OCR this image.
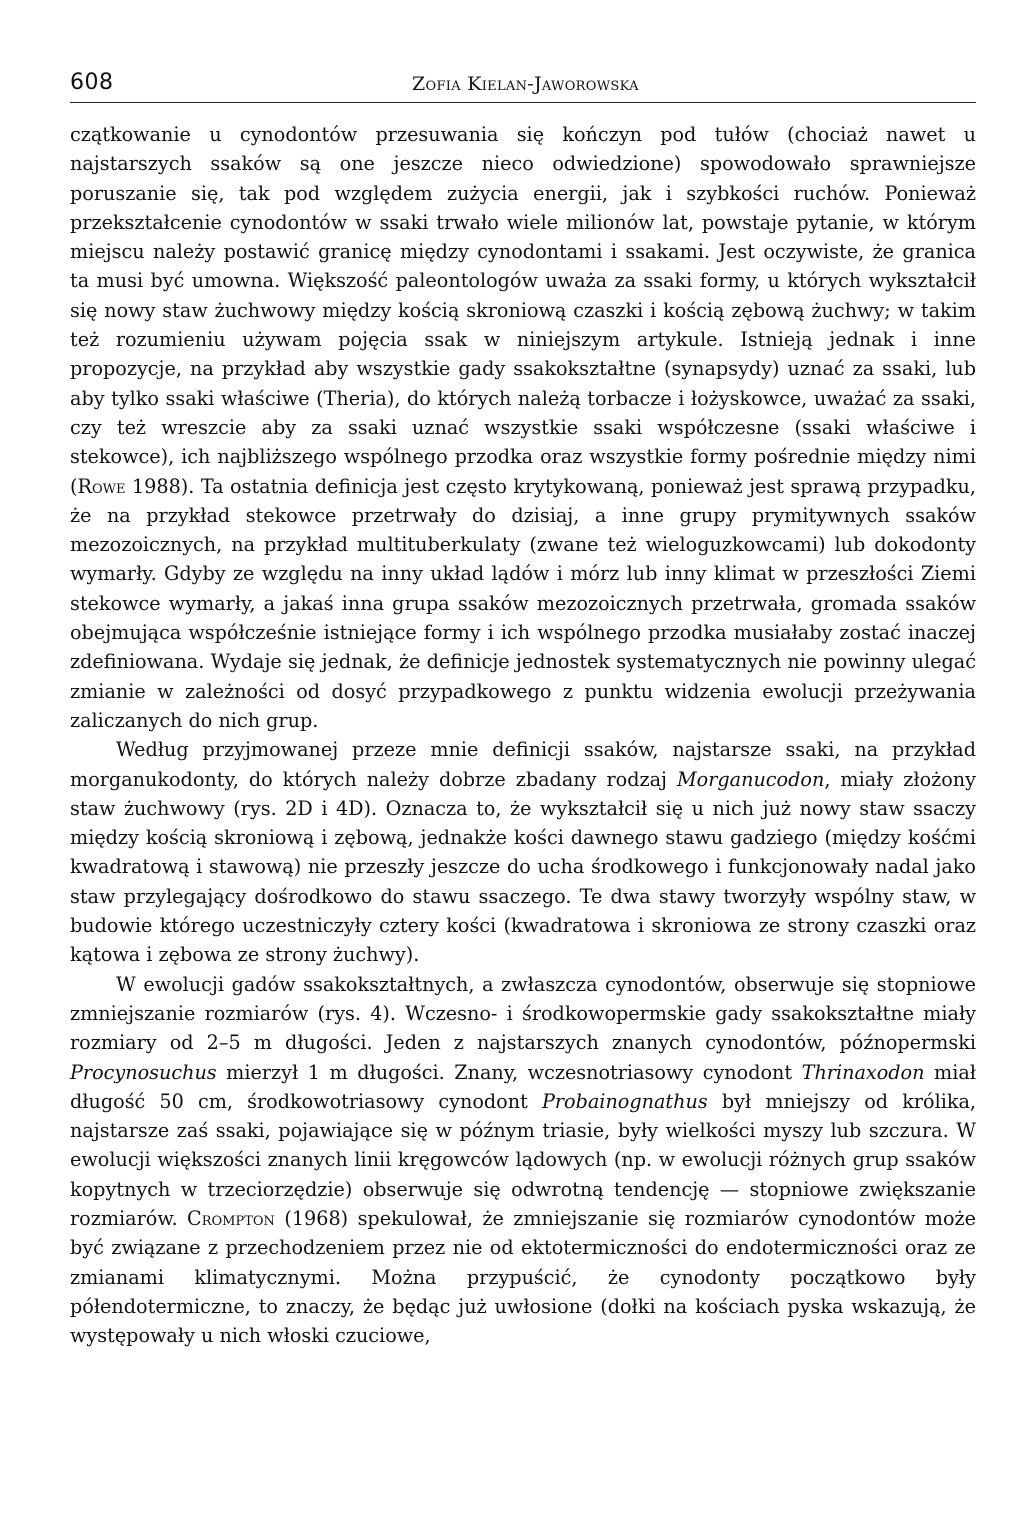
608	Zofia Kielan-Jaworowska

czątkowanie u cynodontów przesuwania się kończyn pod tułów (chociaż nawet u najstarszych ssaków są one jeszcze nieco odwiedzione) spowodowało sprawniejsze poruszanie się, tak pod względem zużycia energii, jak i szybkości ruchów. Ponieważ przekształcenie cynodontów w ssaki trwało wiele milionów lat, powstaje pytanie, w którym miejscu należy postawić granicę między cynodontami i ssakami. Jest oczywiste, że granica ta musi być umowna. Większość paleontologów uważa za ssaki formy, u których wykształcił się nowy staw żuchwowy między kością skroniową czaszki i kością zębową żuchwy; w takim też rozumieniu używam pojęcia ssak w niniejszym artykule. Istnieją jednak i inne propozycje, na przykład aby wszystkie gady ssakokształtne (synapsydy) uznać za ssaki, lub aby tylko ssaki właściwe (Theria), do których należą torbacze i łożyskowce, uważać za ssaki, czy też wreszcie aby za ssaki uznać wszystkie ssaki współczesne (ssaki właściwe i stekowce), ich najbliższego wspólnego przodka oraz wszystkie formy pośrednie między nimi (Rowe 1988). Ta ostatnia definicja jest często krytykowaną, ponieważ jest sprawą przypadku, że na przykład stekowce przetrwały do dzisiaj, a inne grupy prymitywnych ssaków mezozoicznych, na przykład multituberkulaty (zwane też wieloguzkowcami) lub dokodonty wymarły. Gdyby ze względu na inny układ lądów i mórz lub inny klimat w przeszłości Ziemi stekowce wymarły, a jakaś inna grupa ssaków mezozoicznych przetrwała, gromada ssaków obejmująca współcześnie istniejące formy i ich wspólnego przodka musiałaby zostać inaczej zdefiniowana. Wydaje się jednak, że definicje jednostek systematycznych nie powinny ulegać zmianie w zależności od dosyć przypadkowego z punktu widzenia ewolucji przeżywania zaliczanych do nich grup.

Według przyjmowanej przeze mnie definicji ssaków, najstarsze ssaki, na przykład morganukodonty, do których należy dobrze zbadany rodzaj Morganucodon, miały złożony staw żuchwowy (rys. 2D i 4D). Oznacza to, że wykształcił się u nich już nowy staw ssaczy między kością skroniową i zębową, jednakże kości dawnego stawu gadziego (między kośćmi kwadratową i stawową) nie przeszły jeszcze do ucha środkowego i funkcjonowały nadal jako staw przylegający dośrodkowo do stawu ssaczego. Te dwa stawy tworzyły wspólny staw, w budowie którego uczestniczyły cztery kości (kwadratowa i skroniowa ze strony czaszki oraz kątowa i zębowa ze strony żuchwy).

W ewolucji gadów ssakokształtnych, a zwłaszcza cynodontów, obserwuje się stopniowe zmniejszanie rozmiarów (rys. 4). Wczesno- i środkowopermskie gady ssakokształtne miały rozmiary od 2–5 m długości. Jeden z najstarszych znanych cynodontów, późnopermski Procynosuchus mierzył 1 m długości. Znany, wczesnotriasowy cynodont Thrinaxodon miał długość 50 cm, środkowotriasowy cynodont Probainognathus był mniejszy od królika, najstarsze zaś ssaki, pojawiające się w późnym triasie, były wielkości myszy lub szczura. W ewolucji większości znanych linii kręgowców lądowych (np. w ewolucji różnych grup ssaków kopytnych w trzeciorzędzie) obserwuje się odwrotną tendencję — stopniowe zwiększanie rozmiarów. Crompton (1968) spekulował, że zmniejszanie się rozmiarów cynodontów może być związane z przechodzeniem przez nie od ektotermiczności do endotermiczności oraz ze zmianami klimatycznymi. Można przypuścić, że cynodonty początkowo były półendotermiczne, to znaczy, że będąc już uwłosione (dołki na kościach pyska wskazują, że występowały u nich włoski czuciowe,
